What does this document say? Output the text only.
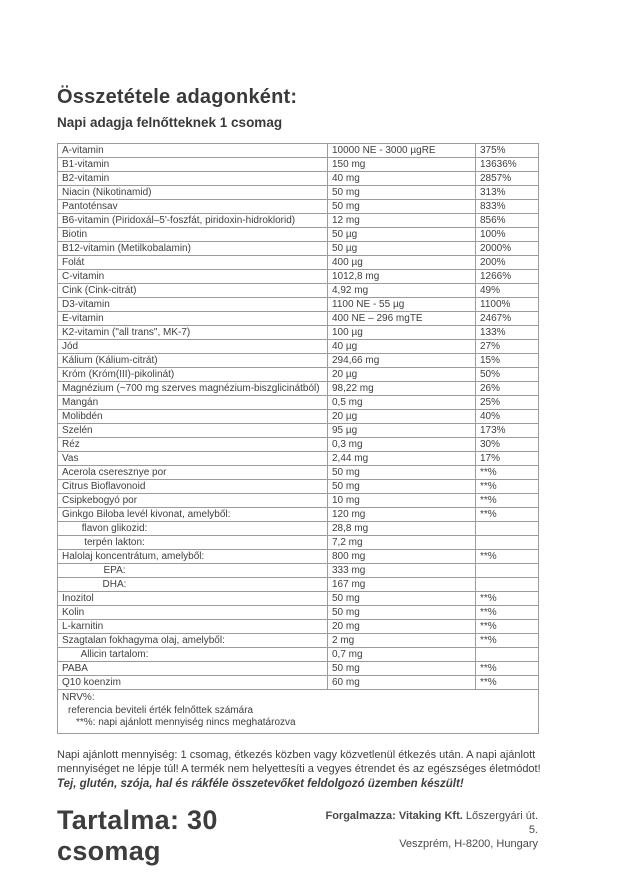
Összetétele adagonként:
Napi adagja felnőtteknek 1 csomag
A-vitamin	10000 NE - 3000 µgRE	375%
B1-vitamin	150 mg	13636%
B2-vitamin	40 mg	2857%
Niacin (Nikotinamid)	50 mg	313%
Pantoténsav	50 mg	833%
B6-vitamin (Piridoxál–5'-foszfát, piridoxin-hidroklorid)	12 mg	856%
Biotin	50 µg	100%
B12-vitamin (Metilkobalamin)	50 µg	2000%
Folát	400 µg	200%
C-vitamin	1012,8 mg	1266%
Cink (Cink-citrát)	4,92 mg	49%
D3-vitamin	1100 NE - 55 µg	1100%
E-vitamin	400 NE – 296 mgTE	2467%
K2-vitamin ("all trans", MK-7)	100 µg	133%
Jód	40 µg	27%
Kálium (Kálium-citrát)	294,66 mg	15%
Króm (Króm(III)-pikolinát)	20 µg	50%
Magnézium (~700 mg szerves magnézium-biszglicinátból)	98,22 mg	26%
Mangán	0,5 mg	25%
Molibdén	20 µg	40%
Szelén	95 µg	173%
Réz	0,3 mg	30%
Vas	2,44 mg	17%
Acerola cseresznye por	50 mg	**%
Citrus Bioflavonoid	50 mg	**%
Csipkebogyó por	10 mg	**%
Ginkgo Biloba levél kivonat, amelyből:	120 mg	**%
flavon glikozid:	28,8 mg	
terpén lakton:	7,2 mg	
Halolaj koncentrátum, amelyből:	800 mg	**%
EPA:	333 mg	
DHA:	167 mg	
Inozitol	50 mg	**%
Kolin	50 mg	**%
L-karnitin	20 mg	**%
Szagtalan fokhagyma olaj, amelyből:	2 mg	**%
Allicin tartalom:	0,7 mg	
PABA	50 mg	**%
Q10 koenzim	60 mg	**%

NRV%:
referencia beviteli érték felnőttek számára
**%: napi ajánlott mennyiség nincs meghatározva		

Napi ajánlott mennyiség: 1 csomag, étkezés közben vagy közvetlenül étkezés után. A napi ajánlott mennyiséget ne lépje túl! A termék nem helyettesíti a vegyes étrendet és az egészséges életmódot!

Tej, glutén, szója, hal és rákféle összetevőket feldolgozó üzemben készült!

Tartalma: 30 csomag
Forgalmazza: Vitaking Kft. Lőszergyári út. 5.
Veszprém, H-8200, Hungary
